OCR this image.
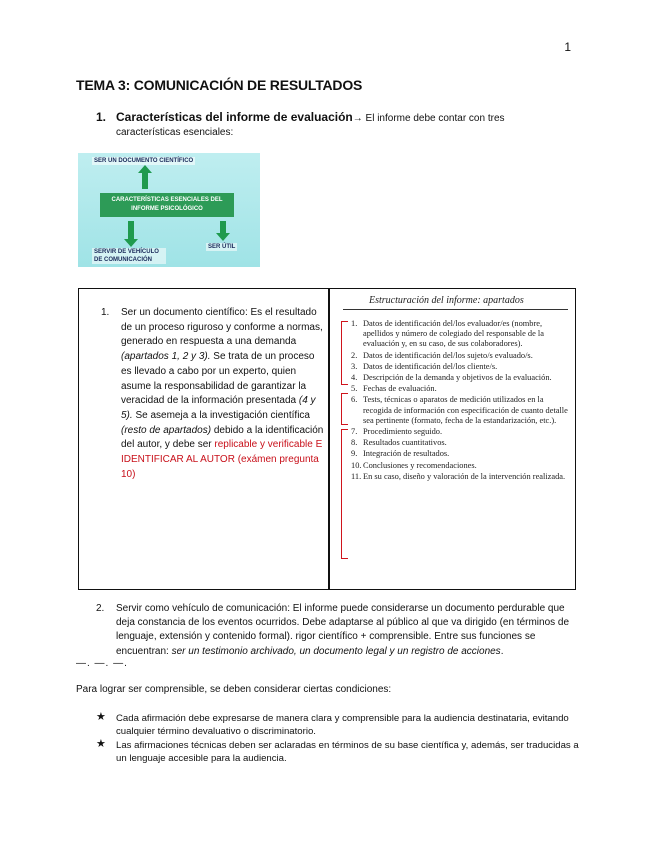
1
TEMA 3: COMUNICACIÓN DE RESULTADOS
1. Características del informe de evaluación→ El informe debe contar con tres características esenciales:
SER UN DOCUMENTO CIENTÍFICO
CARACTERÍSTICAS ESENCIALES DEL INFORME PSICOLÓGICO
SERVIR DE VEHÍCULO DE COMUNICACIÓN
SER ÚTIL
1. Ser un documento científico: Es el resultado de un proceso riguroso y conforme a normas, generado en respuesta a una demanda (apartados 1, 2 y 3). Se trata de un proceso es llevado a cabo por un experto, quien asume la responsabilidad de garantizar la veracidad de la información presentada (4 y 5). Se asemeja a la investigación científica (resto de apartados) debido a la identificación del autor, y debe ser replicable y verificable E IDENTIFICAR AL AUTOR (exámen pregunta 10)
Estructuración del informe: apartados
1. Datos de identificación del/los evaluador/es (nombre, apellidos y número de colegiado del responsable de la evaluación y, en su caso, de sus colaboradores).
2. Datos de identificación del/los sujeto/s evaluado/s.
3. Datos de identificación del/los cliente/s.
4. Descripción de la demanda y objetivos de la evaluación.
5. Fechas de evaluación.
6. Tests, técnicas o aparatos de medición utilizados en la recogida de información con especificación de cuanto detalle sea pertinente (formato, fecha de la estandarización, etc.).
7. Procedimiento seguido.
8. Resultados cuantitativos.
9. Integración de resultados.
10. Conclusiones y recomendaciones.
11. En su caso, diseño y valoración de la intervención realizada.
2. Servir como vehículo de comunicación: El informe puede considerarse un documento perdurable que deja constancia de los eventos ocurridos. Debe adaptarse al público al que va dirigido (en términos de lenguaje, extensión y contenido formal). rigor científico + comprensible. Entre sus funciones se encuentran: ser un testimonio archivado, un documento legal y un registro de acciones.
—. —. —.
Para lograr ser comprensible, se deben considerar ciertas condiciones:
★ Cada afirmación debe expresarse de manera clara y comprensible para la audiencia destinataria, evitando cualquier término devaluativo o discriminatorio.
★ Las afirmaciones técnicas deben ser aclaradas en términos de su base científica y, además, ser traducidas a un lenguaje accesible para la audiencia.
